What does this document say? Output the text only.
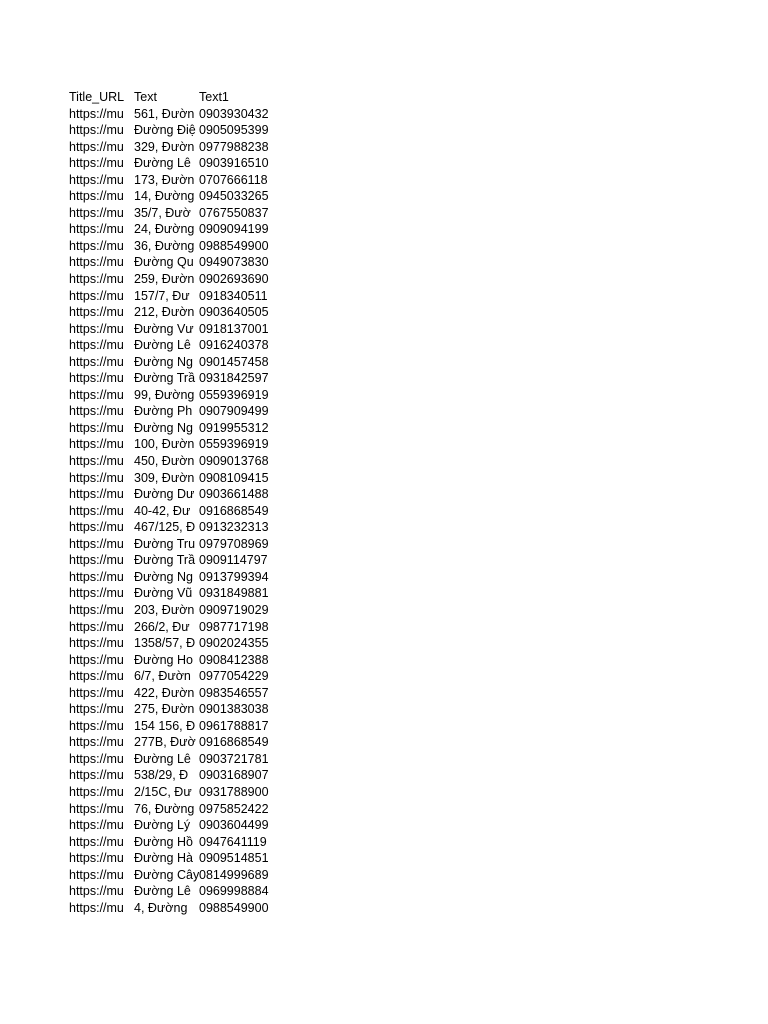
Title_URL Text	Text1
https://mu 561, Đườn 0903930432
https://mu Đường Điệ 0905095399
https://mu 329, Đườn 0977988238
https://mu Đường Lê 0903916510
https://mu 173, Đườn 0707666118
https://mu 14, Đường 0945033265
https://mu 35/7, Đườ 0767550837
https://mu 24, Đường 0909094199
https://mu 36, Đường 0988549900
https://mu Đường Qu 0949073830
https://mu 259, Đườn 0902693690
https://mu 157/7, Đư 0918340511
https://mu 212, Đườn 0903640505
https://mu Đường Vư 0918137001
https://mu Đường Lê 0916240378
https://mu Đường Ng 0901457458
https://mu Đường Trầ 0931842597
https://mu 99, Đường 0559396919
https://mu Đường Ph 0907909499
https://mu Đường Ng 0919955312
https://mu 100, Đườn 0559396919
https://mu 450, Đườn 0909013768
https://mu 309, Đườn 0908109415
https://mu Đường Dư 0903661488
https://mu 40-42, Đư 0916868549
https://mu 467/125, Đ 0913232313
https://mu Đường Tru 0979708969
https://mu Đường Trầ 0909114797
https://mu Đường Ng 0913799394
https://mu Đường Vũ 0931849881
https://mu 203, Đườn 0909719029
https://mu 266/2, Đư 0987717198
https://mu 1358/57, Đ 0902024355
https://mu Đường Ho 0908412388
https://mu 6/7, Đườn 0977054229
https://mu 422, Đườn 0983546557
https://mu 275, Đườn 0901383038
https://mu 154 156, Đ 0961788817
https://mu 277B, Đườ 0916868549
https://mu Đường Lê 0903721781
https://mu 538/29, Đ 0903168907
https://mu 2/15C, Đư 0931788900
https://mu 76, Đường 0975852422
https://mu Đường Lý 0903604499
https://mu Đường Hồ 0947641119
https://mu Đường Hà 0909514851
https://mu Đường Cây 0814999689
https://mu Đường Lê 0969998884
https://mu 4, Đường 0988549900
